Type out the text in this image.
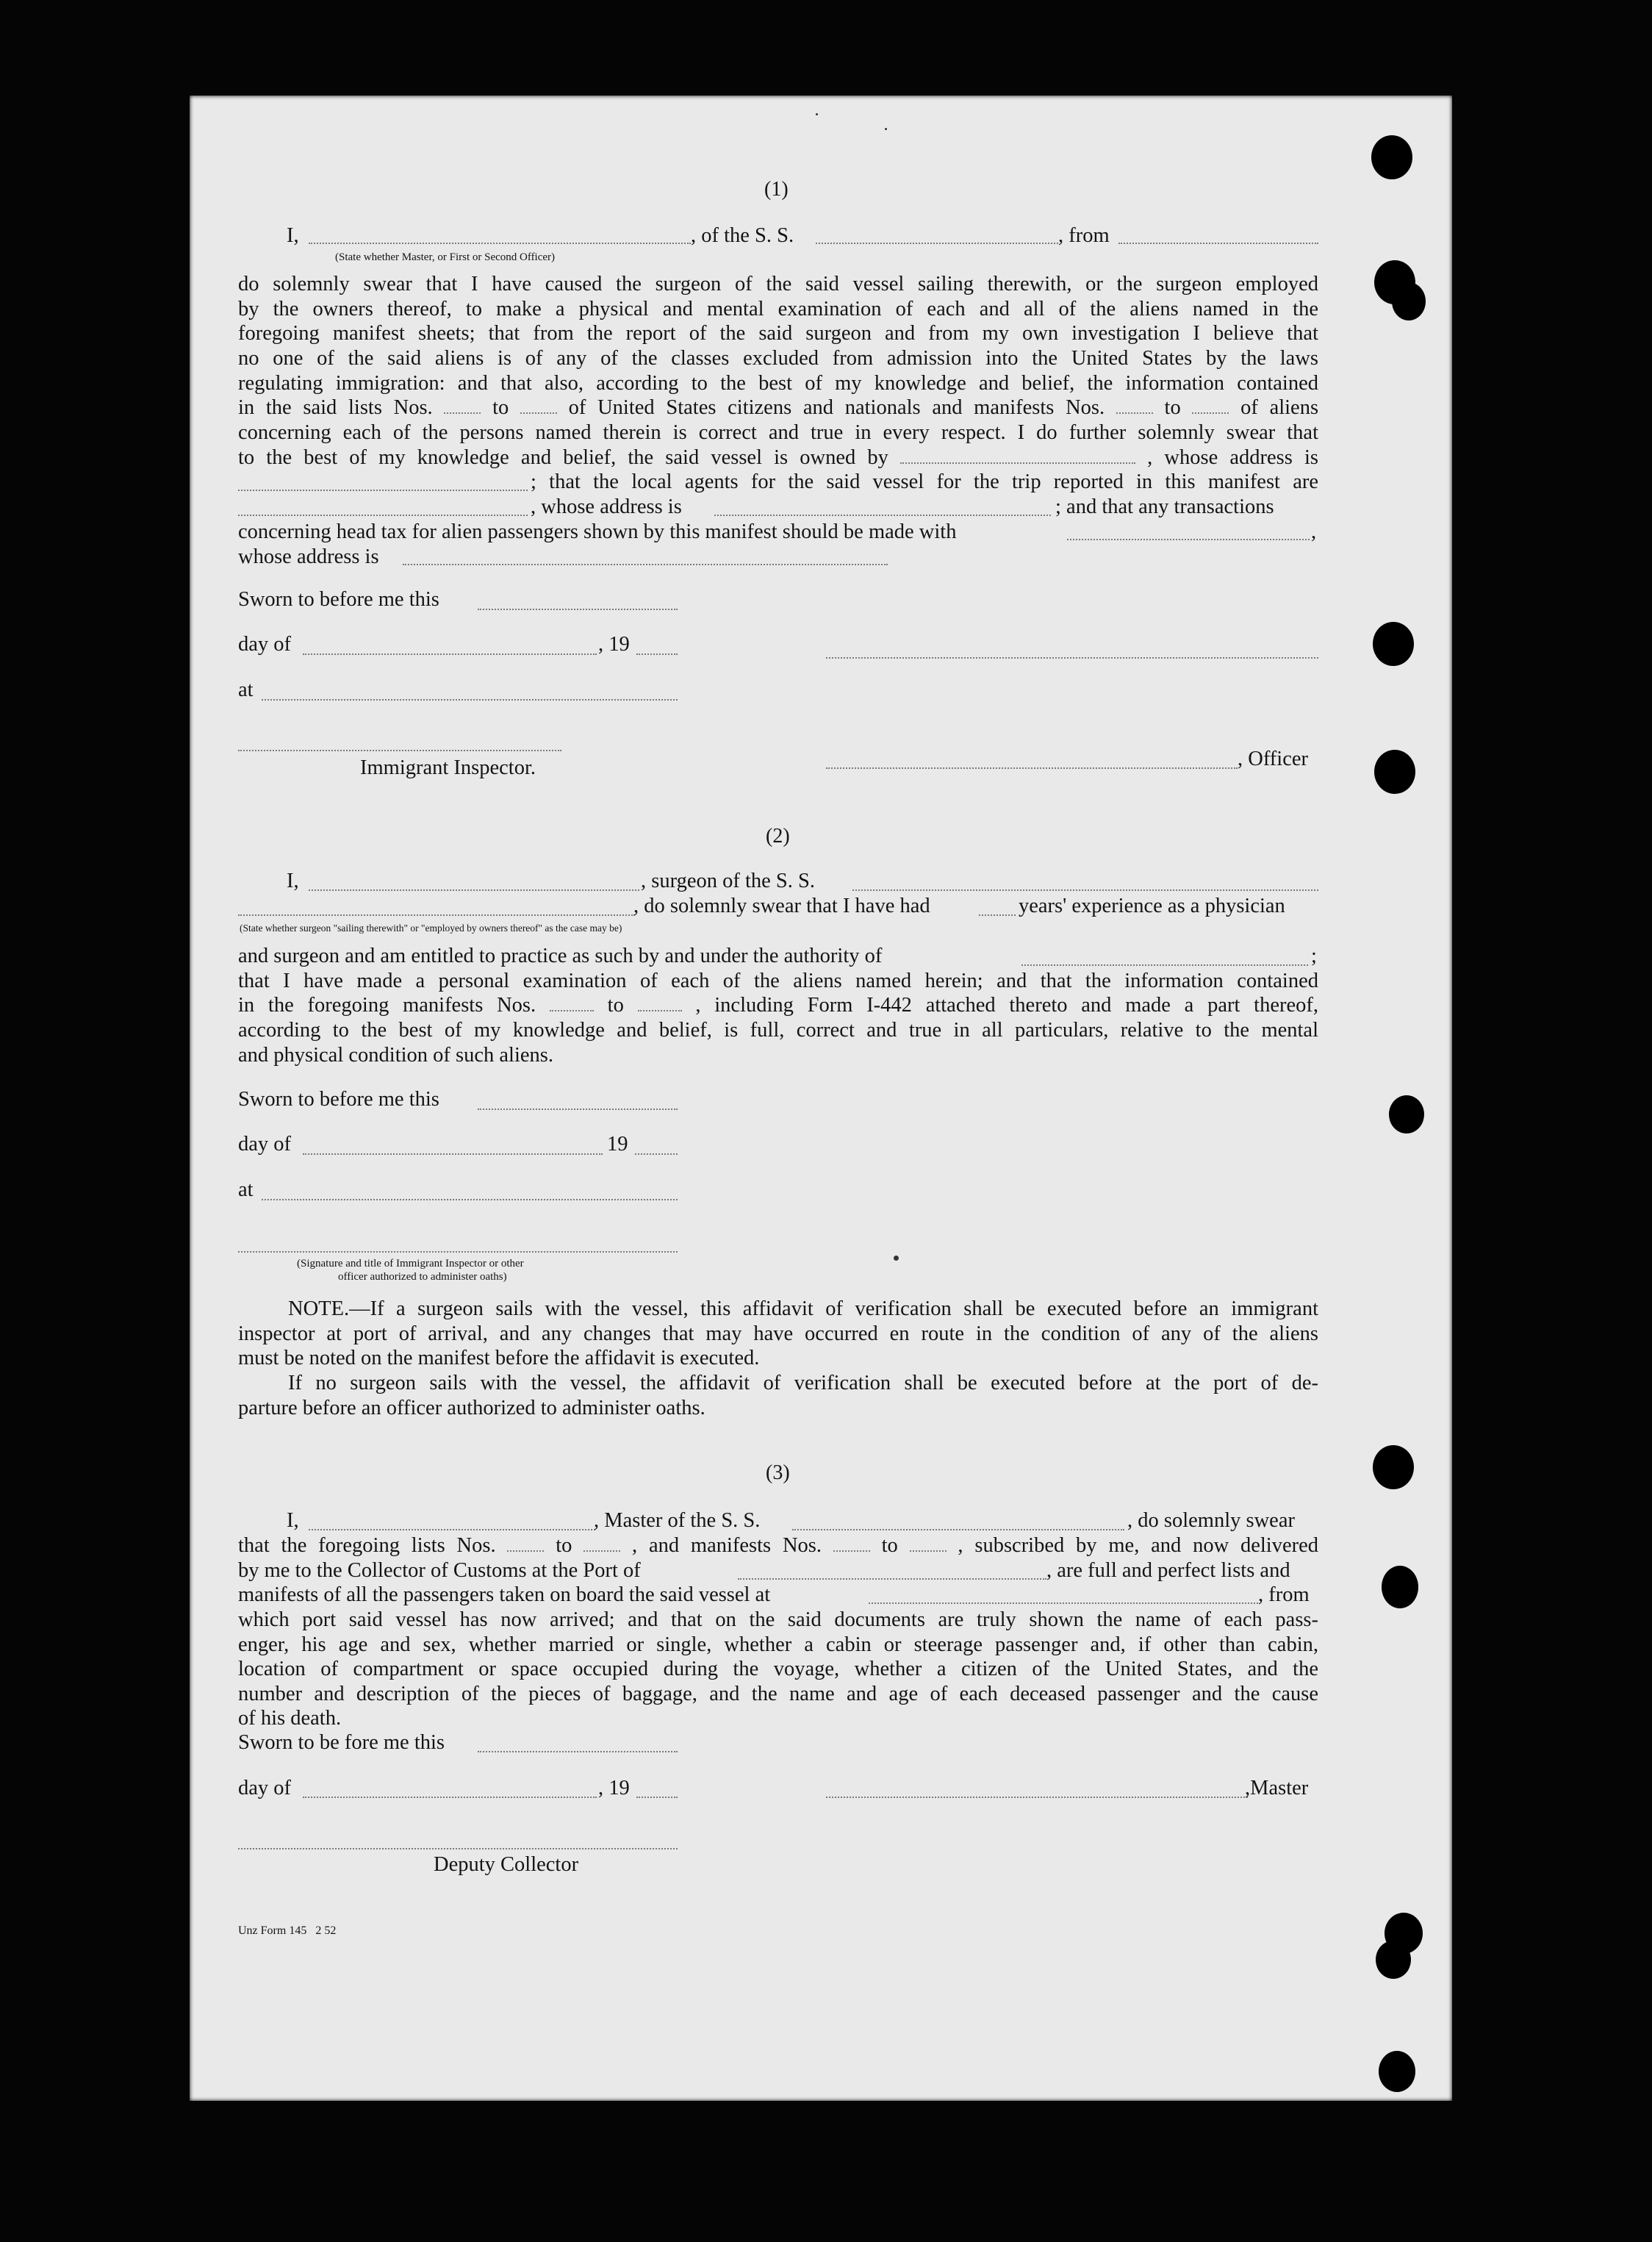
(1)
I,	, of the S. S.	, from
(State whether Master, or First or Second Officer)
do solemnly swear that I have caused the surgeon of the said vessel sailing therewith, or the surgeon employed
by the owners thereof, to make a physical and mental examination of each and all of the aliens named in the
foregoing manifest sheets; that from the report of the said surgeon and from my own investigation I believe that
no one of the said aliens is of any of the classes excluded from admission into the United States by the laws
regulating immigration: and that also, according to the best of my knowledge and belief, the information contained
in the said lists Nos.	to	of United States citizens and nationals and manifests Nos.	to	of aliens
concerning each of the persons named therein is correct and true in every respect. I do further solemnly swear that
to the best of my knowledge and belief, the said vessel is owned by	, whose address is
; that the local agents for the said vessel for the trip reported in this manifest are
, whose address is	; and that any transactions
concerning head tax for alien passengers shown by this manifest should be made with	,
whose address is
Sworn to before me this
day of	, 19
at
Immigrant Inspector.	, Officer
(2)
I,	, surgeon of the S. S.
, do solemnly swear that I have had	years' experience as a physician
(State whether surgeon "sailing therewith" or "employed by owners thereof" as the case may be)
and surgeon and am entitled to practice as such by and under the authority of	;
that I have made a personal examination of each of the aliens named herein; and that the information contained
in the foregoing manifests Nos.	to	, including Form I-442 attached thereto and made a part thereof,
according to the best of my knowledge and belief, is full, correct and true in all particulars, relative to the mental
and physical condition of such aliens.
Sworn to before me this
day of	19
at
(Signature and title of Immigrant Inspector or other
officer authorized to administer oaths)
NOTE.—If a surgeon sails with the vessel, this affidavit of verification shall be executed before an immigrant
inspector at port of arrival, and any changes that may have occurred en route in the condition of any of the aliens
must be noted on the manifest before the affidavit is executed.
If no surgeon sails with the vessel, the affidavit of verification shall be executed before at the port of de-
parture before an officer authorized to administer oaths.
(3)
I,	, Master of the S. S.	, do solemnly swear
that the foregoing lists Nos.	to	, and manifests Nos.	to	, subscribed by me, and now delivered
by me to the Collector of Customs at the Port of	, are full and perfect lists and
manifests of all the passengers taken on board the said vessel at	, from
which port said vessel has now arrived; and that on the said documents are truly shown the name of each pass-
enger, his age and sex, whether married or single, whether a cabin or steerage passenger and, if other than cabin,
location of compartment or space occupied during the voyage, whether a citizen of the United States, and the
number and description of the pieces of baggage, and the name and age of each deceased passenger and the cause
of his death.
Sworn to be fore me this
day of	, 19	,Master
Deputy Collector
Unz Form 145   2 52
